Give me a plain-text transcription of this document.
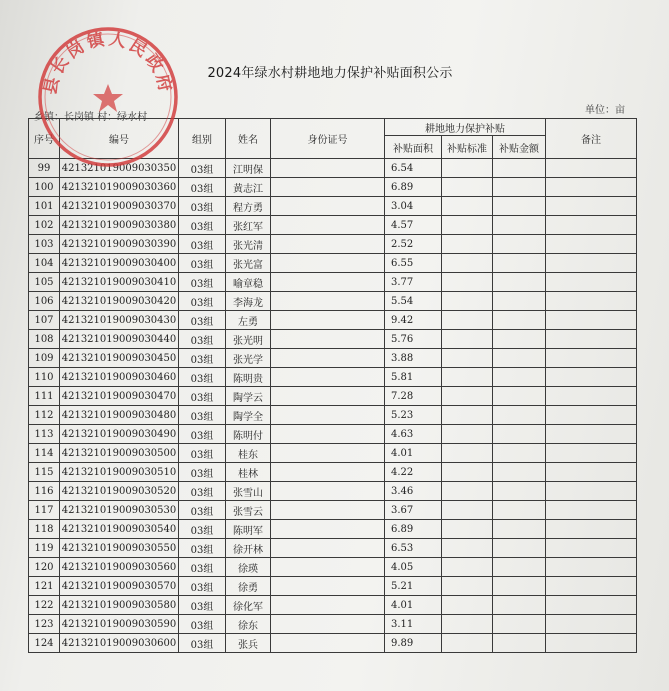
2024年绿水村耕地地力保护补贴面积公示
乡镇：长岗镇 村：绿水村
单位：亩
序号	编号	组别	姓名	身份证号	耕地地力保护补贴			备注
					补贴面积	补贴标准	补贴金额	
99	421321019009030350	03组	江明保		6.54			
100	421321019009030360	03组	黄志江		6.89			
101	421321019009030370	03组	程方勇		3.04			
102	421321019009030380	03组	张红军		4.57			
103	421321019009030390	03组	张光清		2.52			
104	421321019009030400	03组	张光富		6.55			
105	421321019009030410	03组	喻章稳		3.77			
106	421321019009030420	03组	李海龙		5.54			
107	421321019009030430	03组	左勇		9.42			
108	421321019009030440	03组	张光明		5.76			
109	421321019009030450	03组	张光学		3.88			
110	421321019009030460	03组	陈明贵		5.81			
111	421321019009030470	03组	陶学云		7.28			
112	421321019009030480	03组	陶学全		5.23			
113	421321019009030490	03组	陈明付		4.63			
114	421321019009030500	03组	桂东		4.01			
115	421321019009030510	03组	桂林		4.22			
116	421321019009030520	03组	张雪山		3.46			
117	421321019009030530	03组	张雪云		3.67			
118	421321019009030540	03组	陈明军		6.89			
119	421321019009030550	03组	徐开林		6.53			
120	421321019009030560	03组	徐瑛		4.05			
121	421321019009030570	03组	徐勇		5.21			
122	421321019009030580	03组	徐化军		4.01			
123	421321019009030590	03组	徐东		3.11			
124	421321019009030600	03组	张兵		9.89			
县长岗镇人民政府
